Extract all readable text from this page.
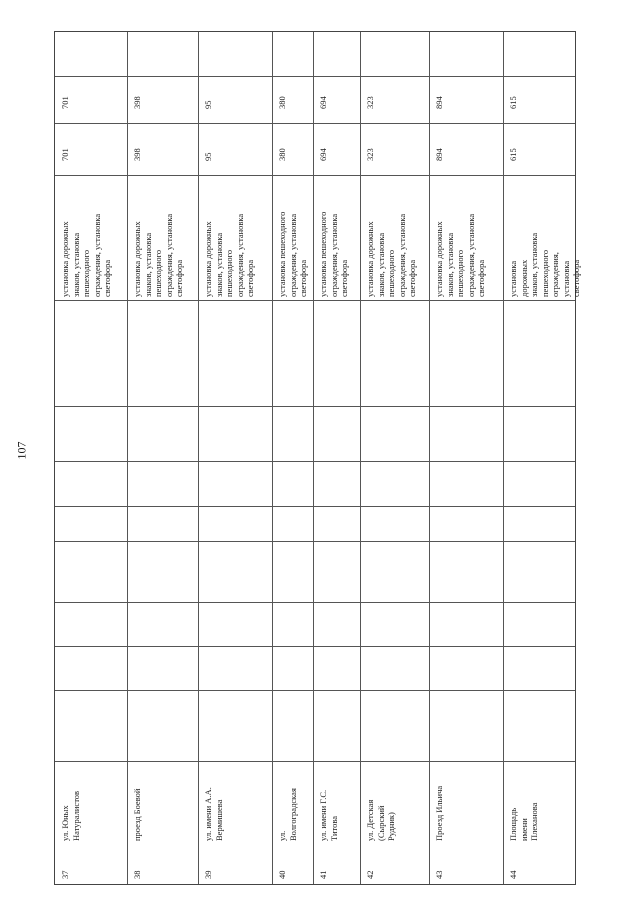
107
37
ул. Юных
Натуралистов
установка дорожных
знаков, установка
пешеходного
ограждения, установка
светофора
701
701
38
проезд Боевой
установка дорожных
знаков, установка
пешеходного
ограждения, установка
светофора
398
398
39
ул. имени А.А.
Вермишева
установка дорожных
знаков, установка
пешеходного
ограждения, установка
светофора
95
95
40
ул.
Волгоградская
установка пешеходного
ограждения, установка
светофора
380
380
41
ул. имени Г.С.
Титова
установка пешеходного
ограждения, установка
светофора
694
694
42
ул. Детская
(Сырский
Рудник)
установка дорожных
знаков, установка
пешеходного
ограждения, установка
светофора
323
323
43
Проезд Ильича
установка дорожных
знаков, установка
пешеходного
ограждения, установка
светофора
894
894
44
Площадь
имени
Плеханова
установка дорожных
знаков, установка
пешеходного
ограждения, установка
светофора
615
615
